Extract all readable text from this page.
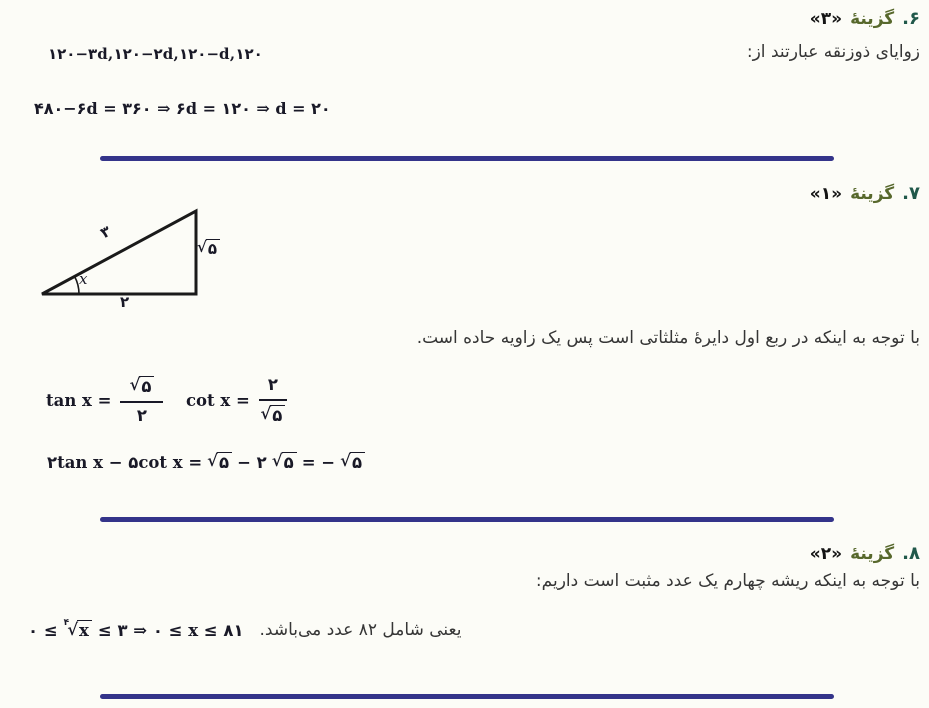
۶.
گزینهٔ
«۳»
زوایای ذوزنقه عبارتند از:
۱۲۰−۳d,۱۲۰−۲d,۱۲۰−d,۱۲۰
۴۸۰−۶d = ۳۶۰ ⇒ ۶d = ۱۲۰ ⇒ d = ۲۰
۷.
گزینهٔ
«۱»
۳
√ ۵
۲
x
با توجه به اینکه در ربع اول دایرهٔ مثلثاتی است پس یک زاویه حاده است.
$\tan x = \frac{√ ۵}{۲}$ $\cot x = \frac{۲}{√ ۵}$
۲tan x − ۵cot x = √ ۵ − ۲ √ ۵ = − √ ۵
۸.
گزینهٔ
«۲»
با توجه به اینکه ریشه چهارم یک عدد مثبت است داریم:
۰ ≤ ۴
√ x ≤ ۳ ⇒ ۰ ≤ x ≤ ۸۱ یعنی شامل ۸۲ عدد می‌باشد.
